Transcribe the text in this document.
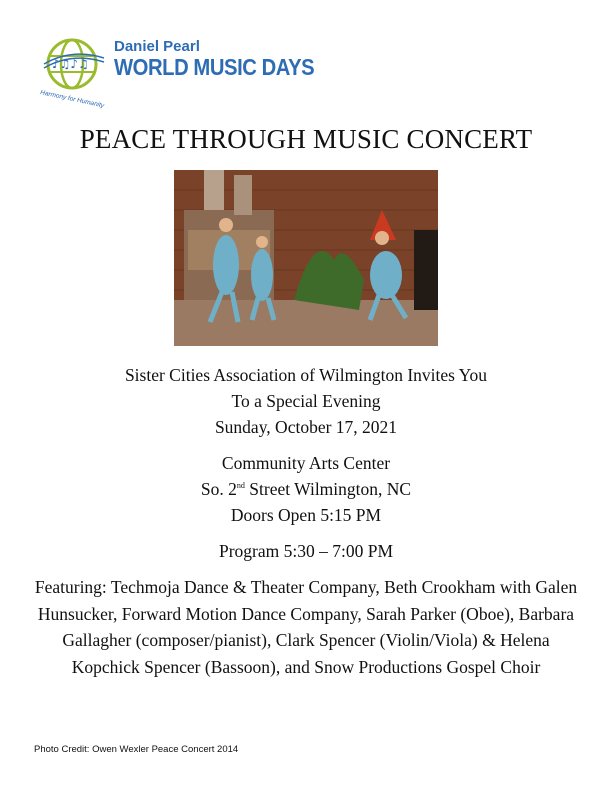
♪♫♪♫
Harmony for Humanity
Daniel Pearl
WORLD MUSIC DAYS
PEACE THROUGH MUSIC CONCERT
Sister Cities Association of Wilmington Invites You
To a Special Evening
Sunday, October 17, 2021
Community Arts Center
So. 2nd Street Wilmington, NC
Doors Open 5:15 PM
Program 5:30 – 7:00 PM
Featuring: Techmoja Dance & Theater Company, Beth Crookham with Galen Hunsucker, Forward Motion Dance Company, Sarah Parker (Oboe), Barbara Gallagher (composer/pianist), Clark Spencer (Violin/Viola) & Helena Kopchick Spencer (Bassoon), and Snow Productions Gospel Choir
Photo Credit: Owen Wexler Peace Concert 2014
